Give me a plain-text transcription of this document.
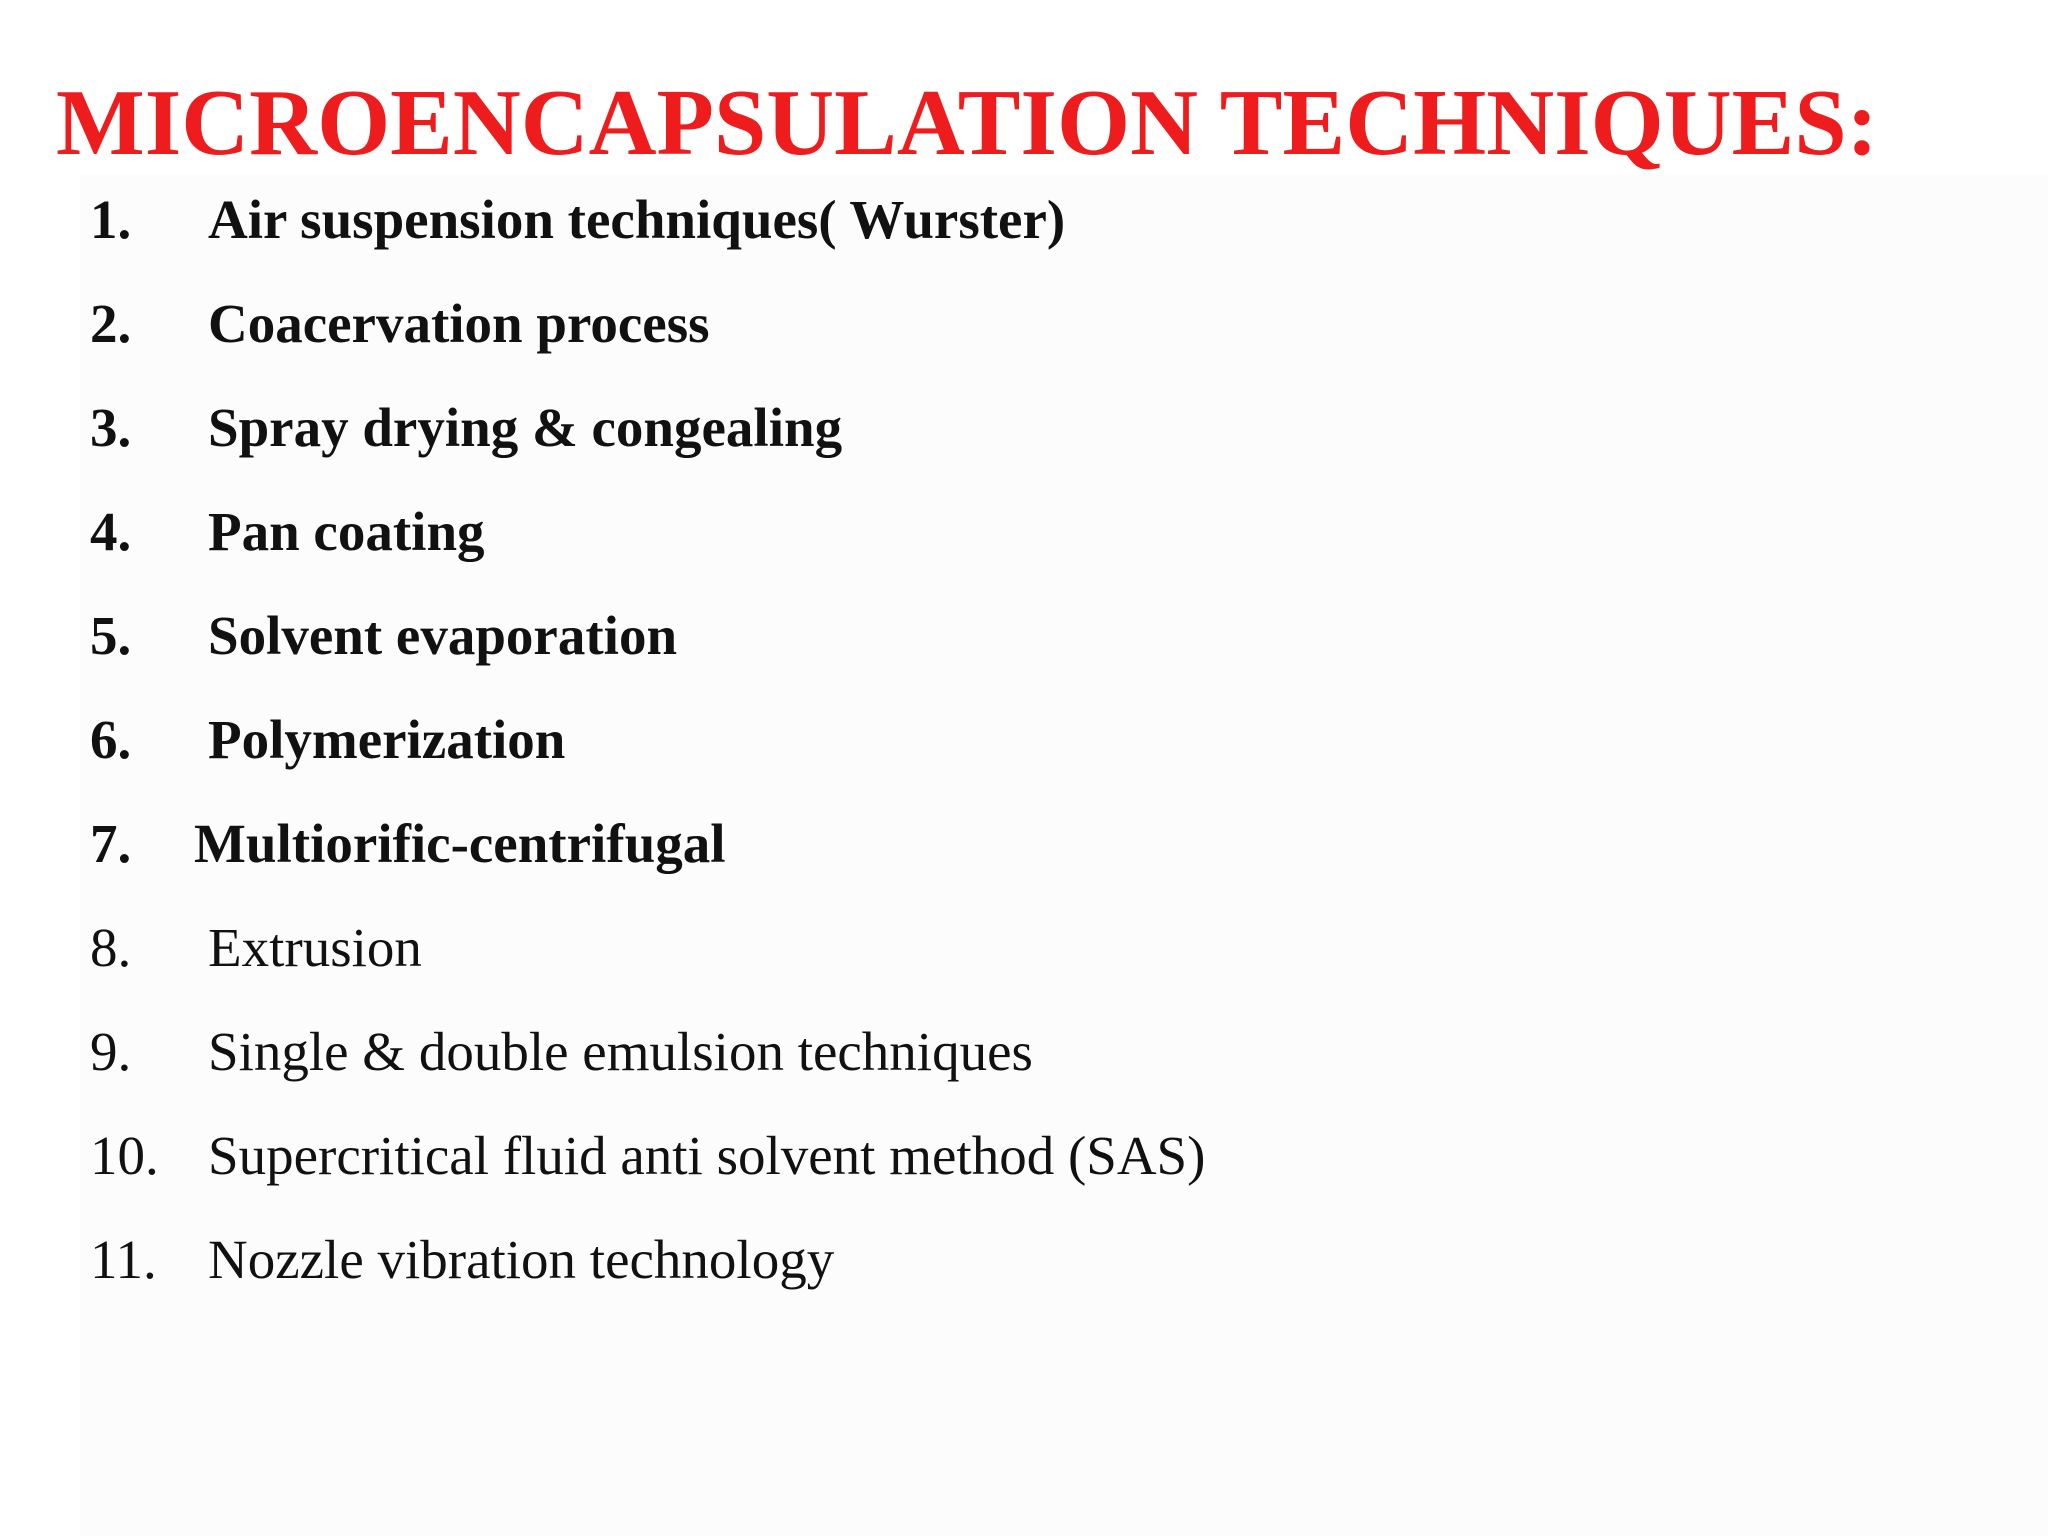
MICROENCAPSULATION TECHNIQUES:
1. Air suspension techniques( Wurster)
2. Coacervation process
3. Spray drying & congealing
4. Pan coating
5. Solvent evaporation
6. Polymerization
7. Multiorific-centrifugal
8. Extrusion
9. Single & double emulsion techniques
10. Supercritical fluid anti solvent method (SAS)
11. Nozzle vibration technology
